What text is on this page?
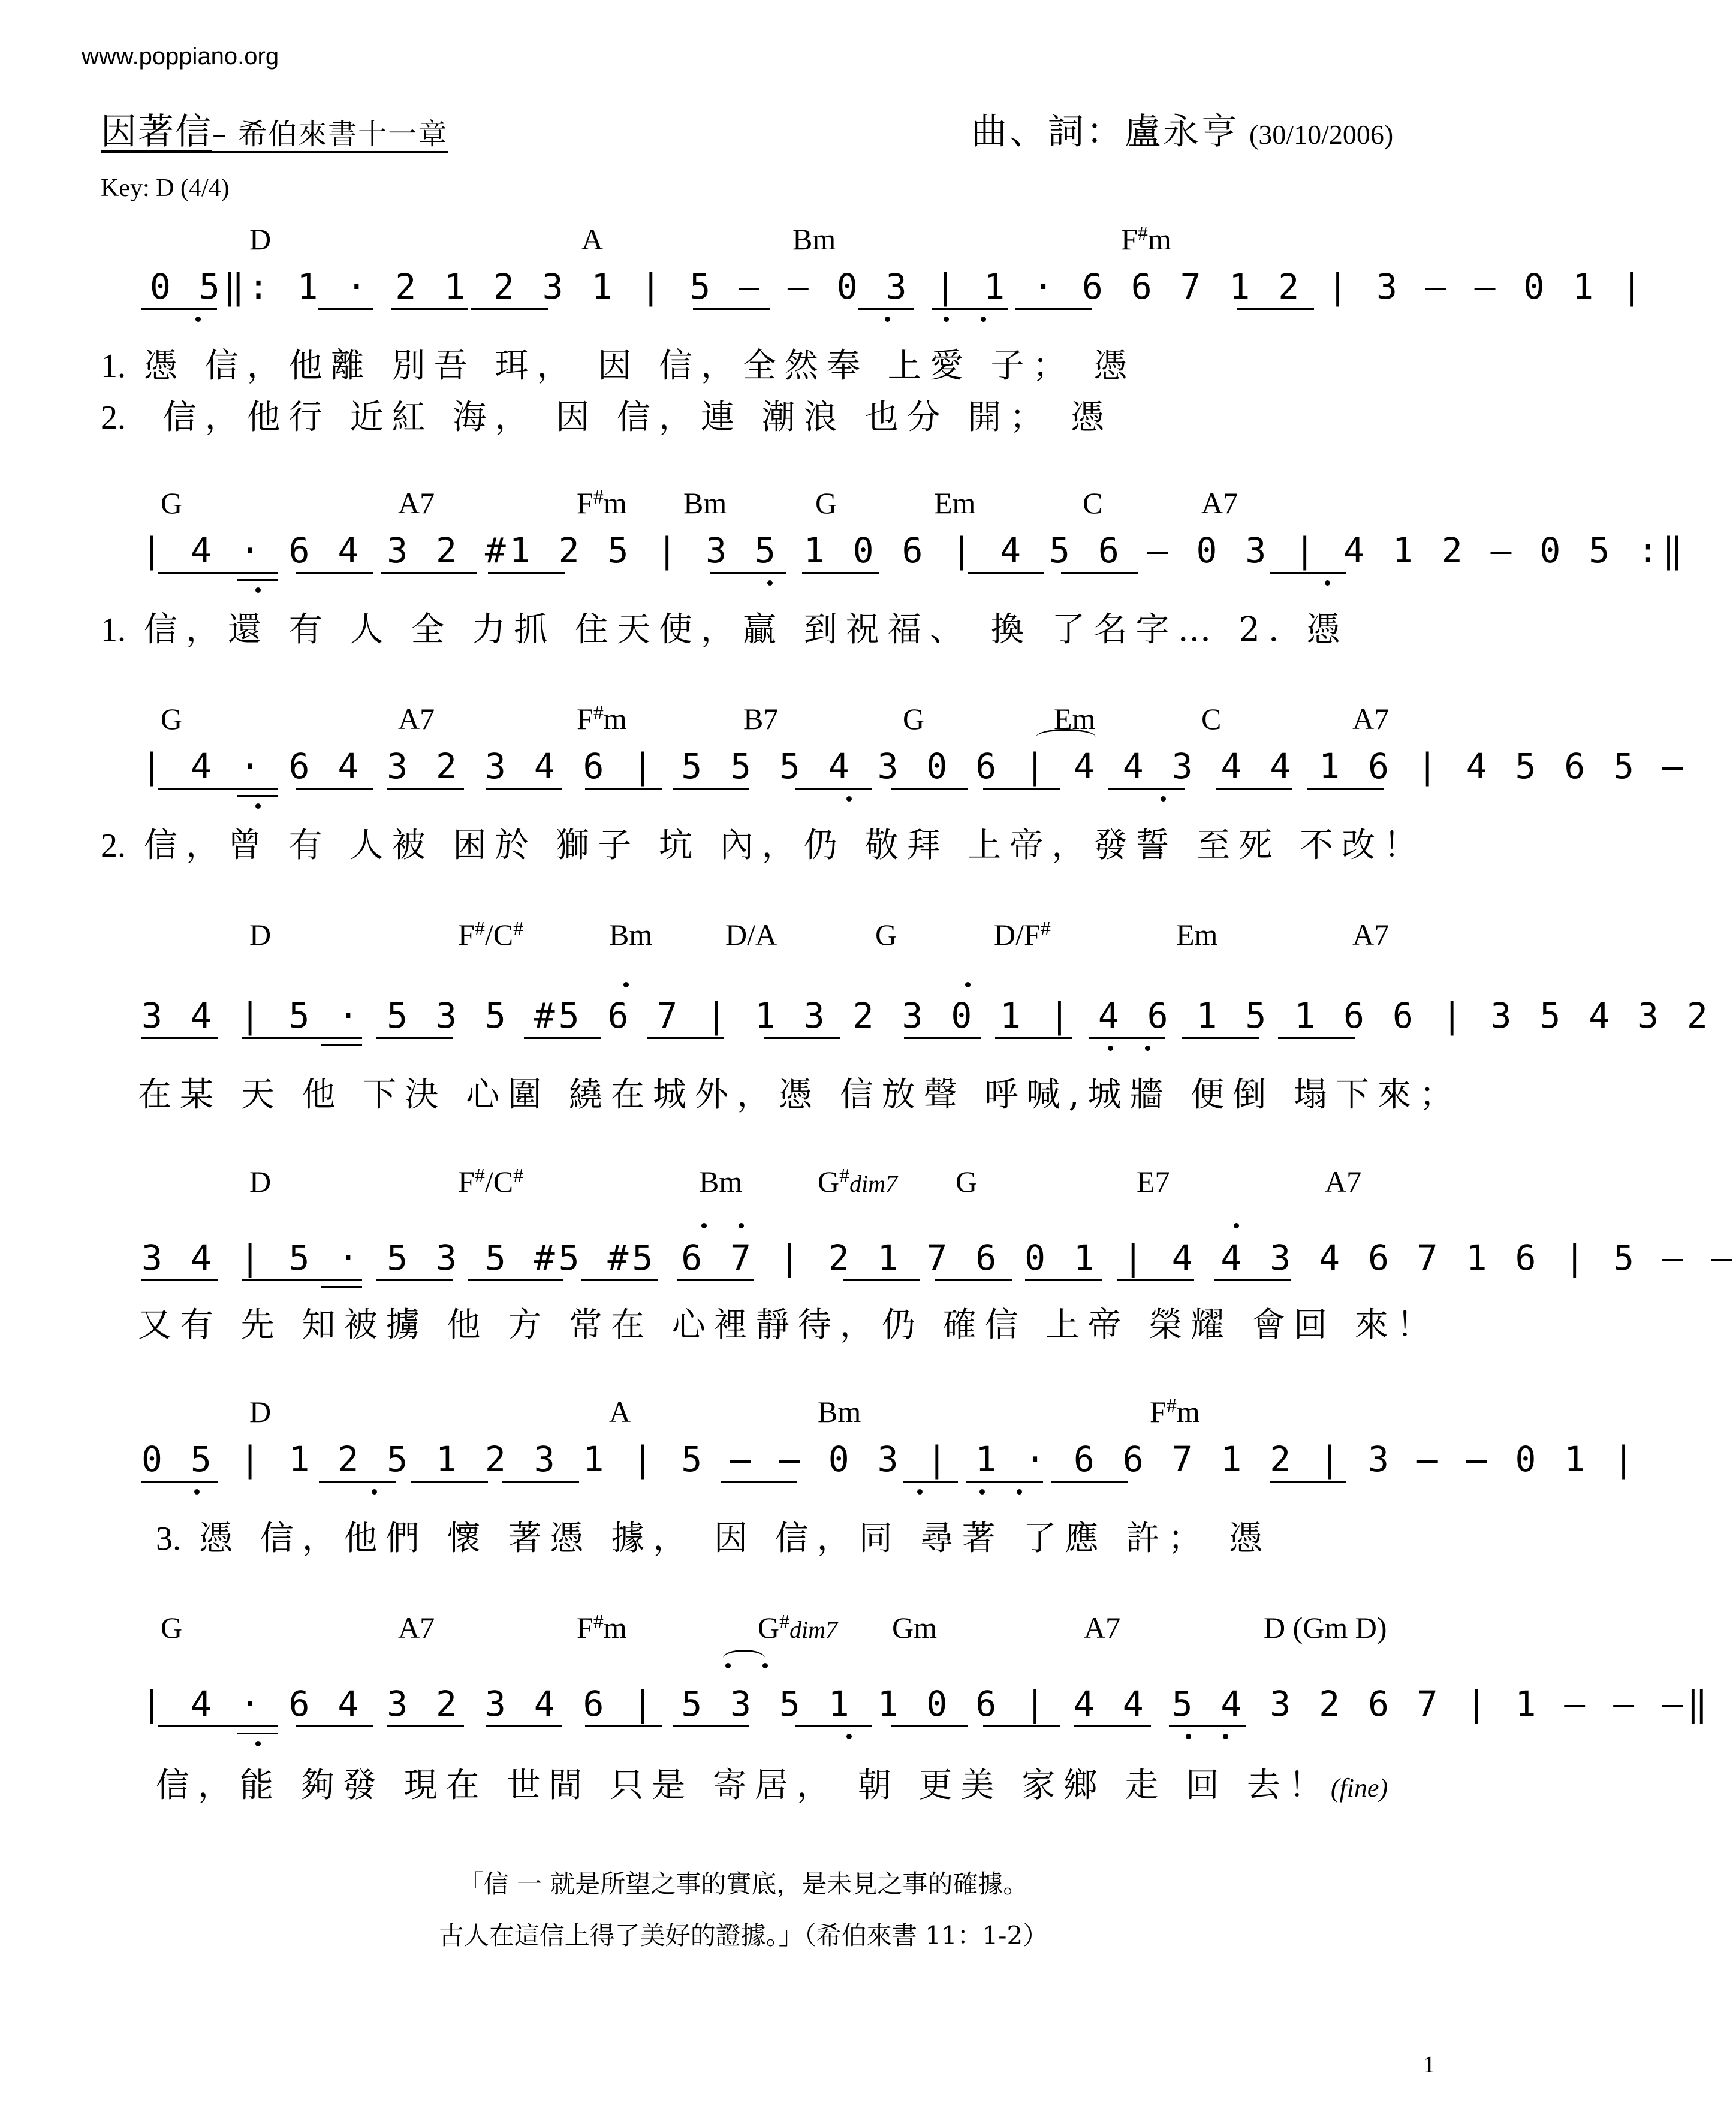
www.poppiano.org
因著信– 希伯來書十一章	曲、詞：盧永亨 (30/10/2006)
Key: D (4/4)
D	A	Bm	F#m
0 5‖: 1 · 2 1 2 3 1 | 5 — — 0 3 | 1 · 6 6 7 1 2 | 3 — — 0 1 |
1. 憑 信，他離 別吾 珥， 因 信，全然奉 上愛 子； 憑
2. 信，他行 近紅 海， 因 信，連 潮浪 也分 開； 憑
G	A7	F#m Bm	G	Em	C	A7
| 4 · 6 4 3 2 #1 2 5 | 3 5 1 0 6 | 4 5 6 — 0 3 | 4 1 2 — 0 5 :‖
1. 信，還 有 人 全 力抓 住天使，贏 到祝福、 換 了名字… 2. 憑
G	A7	F#m	B7	G	Em	C	A7
| 4 · 6 4 3 2 3 4 6 | 5 5 5 4 3 0 6 | 4 4 3 4 4 1 6 | 4 5 6 5 –
2. 信，曾 有 人被 困於 獅子 坑 內，仍 敬拜 上帝，發誓 至死 不改！
D	F#/C#	Bm D/A	G	D/F#	Em	A7
3 4 | 5 · 5 3 5 #5 6 7 | 1 3 2 3 0 1 | 4 6 1 5 1 6 6 | 3 5 4 3 2
在某 天 他 下決 心圍 繞在城外，憑 信放聲 呼喊,城牆 便倒 塌下來；
D	F#/C#	Bm	G#dim7 G	E7	A7
3 4 | 5 · 5 3 5 #5 #5 6 7 | 2 1 7 6 0 1 | 4 4 3 4 6 7 1 6 | 5 — –
又有 先 知被擄 他 方 常在 心裡靜待，仍 確信 上帝 榮耀 會回 來！
D	A	Bm	F#m
0 5 | 1 2 5 1 2 3 1 | 5 — — 0 3 | 1 · 6 6 7 1 2 | 3 — — 0 1 |
3. 憑 信，他們 懷 著憑 據， 因 信，同 尋著 了應 許； 憑
G	A7	F#m	G#dim7 Gm	A7	D (Gm D)
| 4 · 6 4 3 2 3 4 6 | 5 3 5 1 1 0 6 | 4 4 5 4 3 2 6 7 | 1 — — —‖
信，能 夠發 現在 世間 只是 寄居， 朝 更美 家鄉 走 回 去！(fine)
「信 一 就是所望之事的實底，是未見之事的確據。
古人在這信上得了美好的證據。」（希伯來書 11：1-2）
1
